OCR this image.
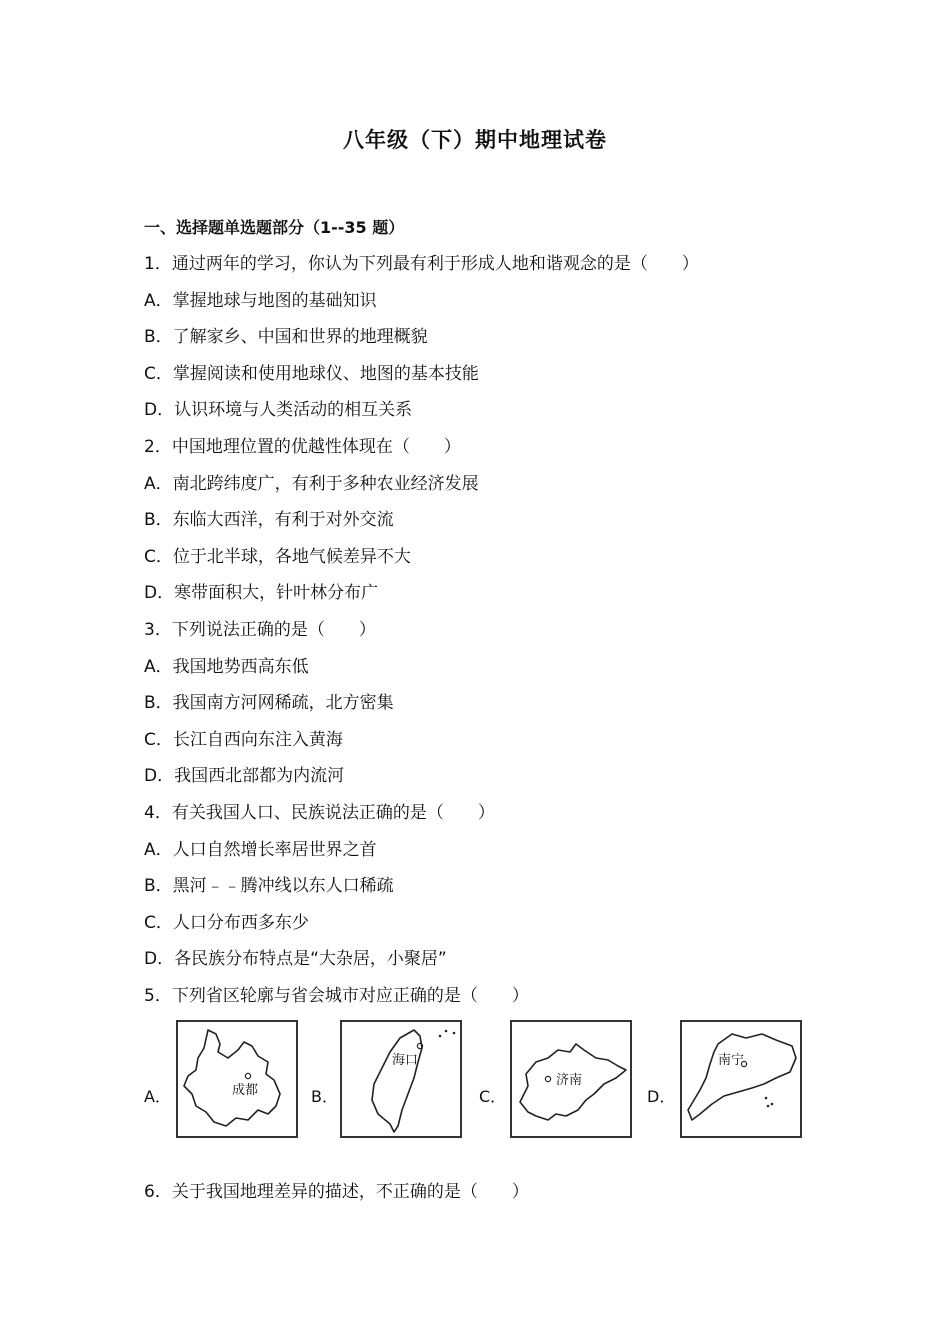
八年级（下）期中地理试卷
一、选择题单选题部分（1--35 题）
1．通过两年的学习，你认为下列最有利于形成人地和谐观念的是（　　）
A．掌握地球与地图的基础知识
B．了解家乡、中国和世界的地理概貌
C．掌握阅读和使用地球仪、地图的基本技能
D．认识环境与人类活动的相互关系
2．中国地理位置的优越性体现在（　　）
A．南北跨纬度广，有利于多种农业经济发展
B．东临大西洋，有利于对外交流
C．位于北半球，各地气候差异不大
D．寒带面积大，针叶林分布广
3．下列说法正确的是（　　）
A．我国地势西高东低
B．我国南方河网稀疏，北方密集
C．长江自西向东注入黄海
D．我国西北部都为内流河
4．有关我国人口、民族说法正确的是（　　）
A．人口自然增长率居世界之首
B．黑河﹣﹣腾冲线以东人口稀疏
C．人口分布西多东少
D．各民族分布特点是“大杂居，小聚居”
5．下列省区轮廓与省会城市对应正确的是（　　）
A．	成都	B．
海口
C．
济南
D．
南宁
6．关于我国地理差异的描述，不正确的是（　　）
